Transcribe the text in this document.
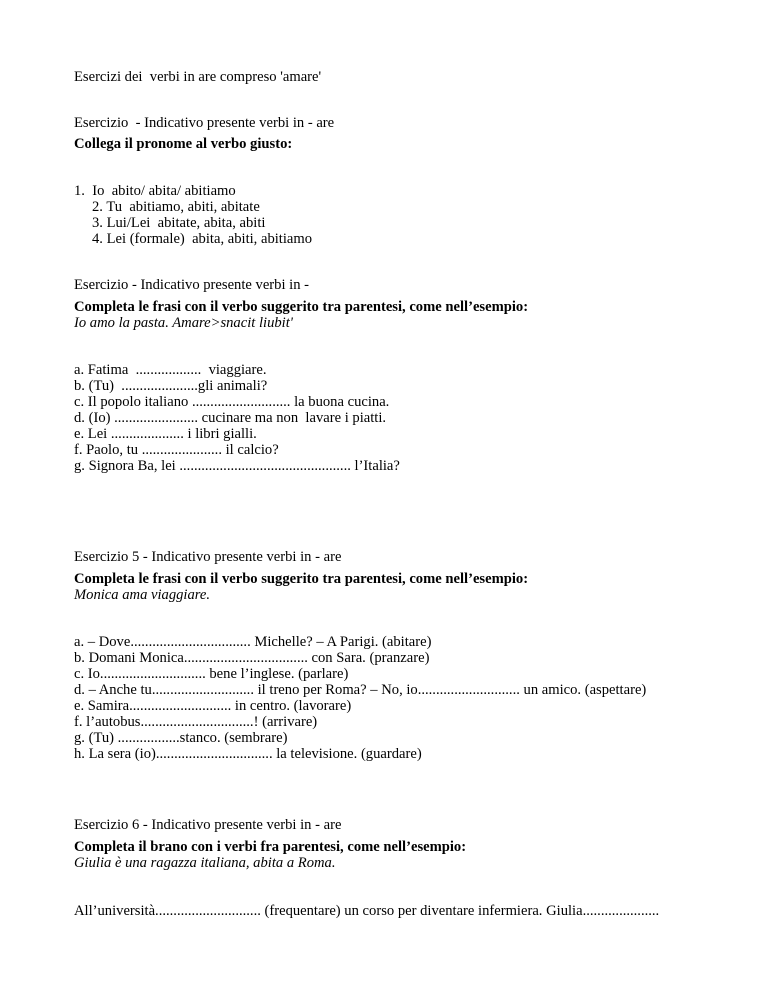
Esercizi dei  verbi in are compreso 'amare'
Esercizio  - Indicativo presente verbi in - are
Collega il pronome al verbo giusto:
1.  Io  abito/ abita/ abitiamo
2. Tu  abitiamo, abiti, abitate
3. Lui/Lei  abitate, abita, abiti
4. Lei (formale)  abita, abiti, abitiamo
Esercizio - Indicativo presente verbi in -
Completa le frasi con il verbo suggerito tra parentesi, come nell’esempio:
Io amo la pasta. Amare>snacit liubit'
a. Fatima  ..................  viaggiare.
b. (Tu)  .....................gli animali?
c. Il popolo italiano ........................... la buona cucina.
d. (Io) ....................... cucinare ma non  lavare i piatti.
e. Lei .................... i libri gialli.
f. Paolo, tu ...................... il calcio?
g. Signora Ba, lei ............................................... l’Italia?
Esercizio 5 - Indicativo presente verbi in - are
Completa le frasi con il verbo suggerito tra parentesi, come nell’esempio:
Monica ama viaggiare.
a. – Dove................................. Michelle? – A Parigi. (abitare)
b. Domani Monica.................................. con Sara. (pranzare)
c. Io............................. bene l’inglese. (parlare)
d. – Anche tu............................ il treno per Roma? – No, io............................ un amico. (aspettare)
e. Samira............................ in centro. (lavorare)
f. l’autobus...............................! (arrivare)
g. (Tu) .................stanco. (sembrare)
h. La sera (io)................................ la televisione. (guardare)
Esercizio 6 - Indicativo presente verbi in - are
Completa il brano con i verbi fra parentesi, come nell’esempio:
Giulia è una ragazza italiana, abita a Roma.
All’università............................. (frequentare) un corso per diventare infermiera. Giulia.....................
